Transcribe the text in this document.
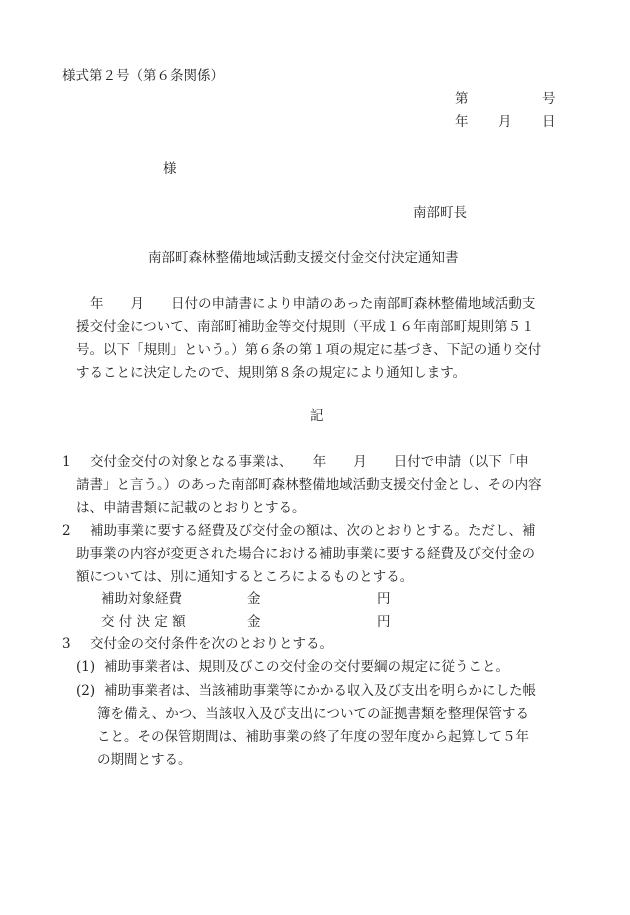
様式第２号（第６条関係）
第	号
年 月 日
様
南部町長
南部町森林整備地域活動支援交付金交付決定通知書
年　　月　　日付の申請書により申請のあった南部町森林整備地域活動支
援交付金について、南部町補助金等交付規則（平成１６年南部町規則第５１
号。以下「規則」という。）第６条の第１項の規定に基づき、下記の通り交付
することに決定したので、規則第８条の規定により通知します。
記
1 交付金交付の対象となる事業は、　　年　　月　　日付で申請（以下「申
請書」と言う。）のあった南部町森林整備地域活動支援交付金とし、その内容
は、申請書類に記載のとおりとする。
2 補助事業に要する経費及び交付金の額は、次のとおりとする。ただし、補
助事業の内容が変更された場合における補助事業に要する経費及び交付金の
額については、別に通知するところによるものとする。
補助対象経費	金	円
交 付 決 定 額	金	円
3 交付金の交付条件を次のとおりとする。
(1) 補助事業者は、規則及びこの交付金の交付要綱の規定に従うこと。
(2) 補助事業者は、当該補助事業等にかかる収入及び支出を明らかにした帳
簿を備え、かつ、当該収入及び支出についての証拠書類を整理保管する
こと。その保管期間は、補助事業の終了年度の翌年度から起算して５年
の期間とする。
